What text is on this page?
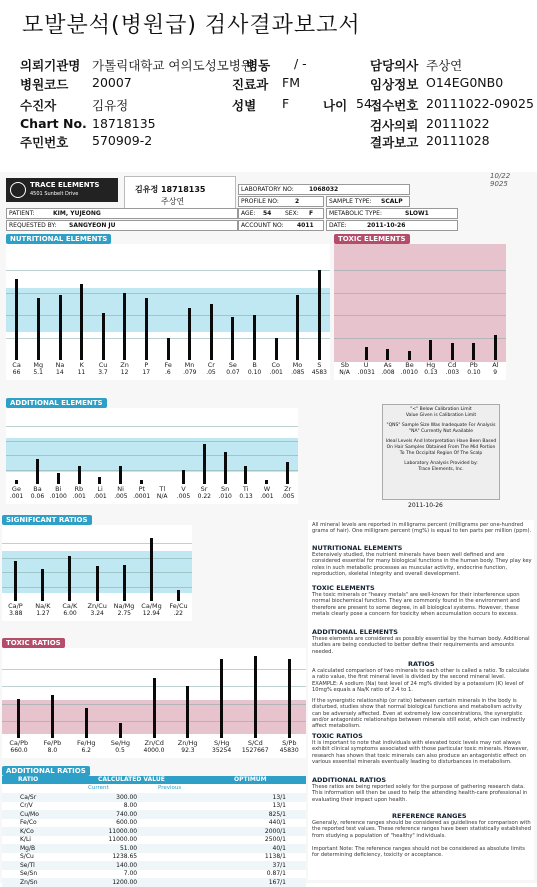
모발분석(병원급) 검사결과보고서
의뢰기관명 가톨릭대학교 여의도성모병원
병동 / -	담당의사 주상연
병원코드 20007	진료과 FM	임상정보 O14EG0NB0
수진자	김유정	성별 F	나이 54
접수번호 20111022-09025
Chart No. 18718135	검사의뢰 20111022
주민번호 570909-2	결과보고 20111028
TRACE ELEMENTS
4501 Sunbelt Drive	김유정 18718135
주상연
10/22 9025
LABORATORY NO:	1068032
PROFILE NO:	2	SAMPLE TYPE: SCALP
PATIENT:	KIM, YUJEONG	AGE: 54 SEX: F	METABOLIC TYPE:	SLOW1
REQUESTED BY: SANGYEON JU	ACCOUNT NO: 4011	DATE:	2011-10-26
NUTRITIONAL ELEMENTS	TOXIC ELEMENTS
Ca
66
Mg
5.1
Na
14
K
11
Cu
3.7
Zn
12
P
17
Fe
.6
Mn
.079
Cr
.05
Se
0.07
B
0.10
Co
.001
Mo
.085
S
4583
Sb
N/A
U
.0031
As
.008
Be
.0010
Hg
0.13
Cd
.003
Pb
0.10
Al
9
ADDITIONAL ELEMENTS
Ge
.001
Ba
0.06
Bi
.0100
Rb
.001
Li
.001
Ni
.005
Pt
.0001
Tl
N/A
V
.005
Sr
0.22
Sn
.010
Ti
0.13
W
.001
Zr
.005
"<" Below Calibration Limit
Value Given is Calibration Limit
"QNS" Sample Size Was Inadequate For Analysis
"NA" Currently Not Available
Ideal Levels And Interpretation Have Been Based On Hair Samples Obtained From The Mid Portion To The Occipital Region Of The Scalp
Laboratory Analysis Provided by:
Trace Elements, Inc.
2011-10-26
SIGNIFICANT RATIOS
Ca/P
3.88
Na/K
1.27
Ca/K
6.00
Zn/Cu
3.24
Na/Mg
2.75
Ca/Mg
12.94
Fe/Cu
.22
TOXIC RATIOS
Ca/Pb
660.0
Fe/Pb
8.0
Fe/Hg
6.2
Se/Hg
0.5
Zn/Cd
4000.0
Zn/Hg
92.3
S/Hg
35254
S/Cd
1527667
S/Pb
45830
ADDITIONAL RATIOS
RATIO	CALCULATED VALUE	OPTIMUM
Current	Previous
Ca/Sr	300.00	13/1
Cr/V	8.00	13/1
Cu/Mo	740.00	825/1
Fe/Co	600.00	440/1
K/Co	11000.00	2000/1
K/Li	11000.00	2500/1
Mg/B	51.00	40/1
S/Cu	1238.65	1138/1
Se/Tl	140.00	37/1
Se/Sn	7.00	0.87/1
Zn/Sn	1200.00	167/1
All mineral levels are reported in milligrams percent (milligrams per one-hundred grams of hair). One milligram percent (mg%) is equal to ten parts per million (ppm).
NUTRITIONAL ELEMENTS
Extensively studied, the nutrient minerals have been well defined and are considered essential for many biological functions in the human body. They play key roles in such metabolic processes as muscular activity, endocrine function, reproduction, skeletal integrity and overall development.
TOXIC ELEMENTS
The toxic minerals or "heavy metals" are well-known for their interference upon normal biochemical function. They are commonly found in the environment and therefore are present to some degree, in all biological systems. However, these metals clearly pose a concern for toxicity when accumulation occurs to excess.
ADDITIONAL ELEMENTS
These elements are considered as possibly essential by the human body. Additional studies are being conducted to better define their requirements and amounts needed.
RATIOS
A calculated comparison of two minerals to each other is called a ratio. To calculate a ratio value, the first mineral level is divided by the second mineral level. EXAMPLE: A sodium (Na) test level of 24 mg% divided by a potassium (K) level of 10mg% equals a Na/K ratio of 2.4 to 1.
If the synergistic relationship (or ratio) between certain minerals in the body is disturbed, studies show that normal biological functions and metabolism activity can be adversely affected. Even at extremely low concentrations, the synergistic and/or antagonistic relationships between minerals still exist, which can indirectly affect metabolism.
TOXIC RATIOS
It is important to note that individuals with elevated toxic levels may not always exhibit clinical symptoms associated with those particular toxic minerals. However, research has shown that toxic minerals can also produce an antagonistic effect on various essential minerals eventually leading to disturbances in metabolism.
ADDITIONAL RATIOS
These ratios are being reported solely for the purpose of gathering research data. This information will then be used to help the attending health-care professional in evaluating their impact upon health.
REFERENCE RANGES
Generally, reference ranges should be considered as guidelines for comparison with the reported test values. These reference ranges have been statistically established from studying a population of "healthy" individuals.
Important Note: The reference ranges should not be considered as absolute limits for determining deficiency, toxicity or acceptance.
